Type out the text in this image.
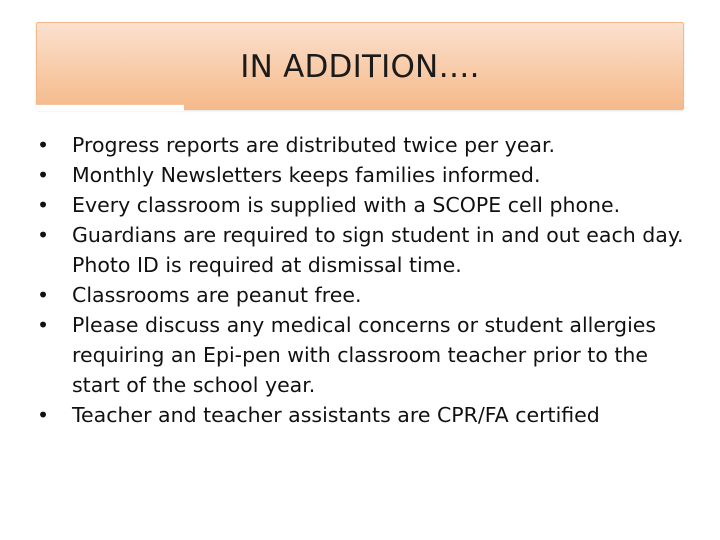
IN ADDITION….
• Progress reports are distributed twice per year.
• Monthly Newsletters keeps families informed.
• Every classroom is supplied with a SCOPE cell phone.
• Guardians are required to sign student in and out each day. Photo ID is required at dismissal time.
• Classrooms are peanut free.
• Please discuss any medical concerns or student allergies requiring an Epi-pen with classroom teacher prior to the start of the school year.
• Teacher and teacher assistants are CPR/FA certified
